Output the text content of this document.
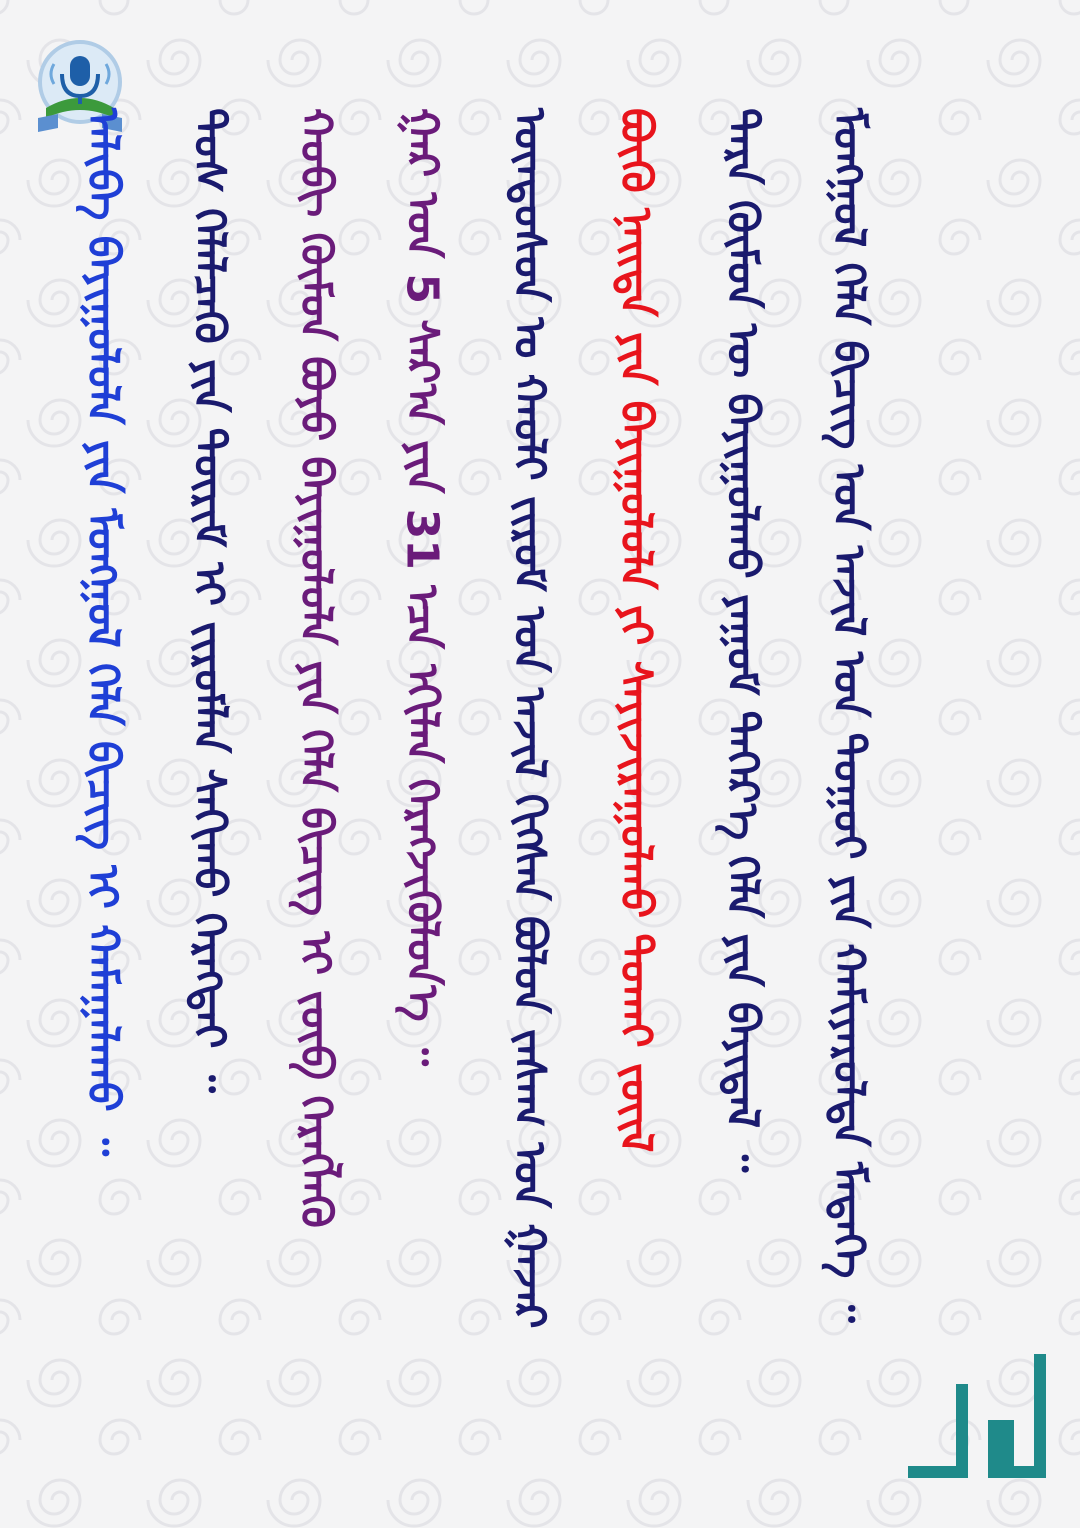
ᠮᠣᠩᠭᠣᠯ ᠬᠡᠯᠡ ᠪᠢᠴᠢᠭ ᠤᠨ ᠠᠵᠢᠯ ᠤᠨ ᠲᠤᠭᠤᠢ ᠶᠢᠨ ᠬᠠᠮᠢᠶᠠᠷᠤᠯᠲᠠ ᠮᠡᠳᠡᠭᠡ ᠃
ᠲᠡᠷᠡ ᠬᠦᠮᠦᠨ ᠦ ᠪᠠᠶᠢᠭᠤᠯᠬᠤ ᠶᠠᠭᠤᠮ ᠳᠡᠭᠡᠷ᠎ᠡ ᠬᠡᠯᠡ ᠶᠢᠨ ᠪᠠᠶᠢᠳᠠᠯ ᠃
ᠪᠦᠬᠦ ᠨᠡᠢᠲᠡ ᠶᠢᠨ ᠪᠠᠶᠢᠭᠤᠯᠤᠯᠠ ᠶᠢ ᠰᠠᠶᠢᠵᠢᠷᠠᠭᠤᠯᠬᠤ ᠲᠤᠬᠠᠢ ᠵᠦᠢᠯ
ᠦᠨᠳᠦᠰᠦᠨ ᠤ ᠬᠠᠤᠯᠢ ᠵᠢᠷᠤᠮ ᠤᠨ ᠠᠵᠢᠯ ᠬᠢᠭᠰᠡᠨ ᠪᠣᠯᠤᠨ ᠵᠠᠰᠠᠭ ᠤᠨ ᠭᠠᠵᠠᠷ
ᠭᠠᠷ ᠤᠨ 5 ᠰᠠᠷ᠎ᠠ ᠶᠢᠨ 31 ᠡᠴᠡ ᠡᠬᠢᠯᠡᠨ ᠬᠡᠷᠡᠭᠵᠢᠭᠦᠯᠦᠨ᠎ᠡ ᠃
ᠬᠤᠪᠢ ᠬᠦᠮᠦᠨ ᠪᠤᠶᠤ ᠪᠠᠶᠢᠭᠤᠯᠤᠯᠠ ᠶᠢᠨ ᠬᠡᠯᠡ ᠪᠢᠴᠢᠭ ᠢ ᠵᠦᠪ ᠬᠡᠷᠡᠭᠯᠡᠬᠦ
ᠲᠤᠰ ᠬᠡᠯᠡᠯᠴᠡᠬᠦ ᠶᠢᠨ ᠳᠦᠷᠢᠮ ᠢ ᠵᠢᠷᠤᠮᠯᠠᠨ ᠰᠠᠬᠢᠬᠤ ᠬᠡᠷᠡᠭᠲᠡᠢ ᠃
ᠠᠯᠢᠪᠠ ᠪᠠᠶᠢᠭᠤᠯᠤᠯᠠ ᠶᠢᠨ ᠮᠣᠩᠭᠣᠯ ᠬᠡᠯᠡ ᠪᠢᠴᠢᠭ ᠢ ᠬᠠᠮᠠᠭᠠᠯᠠᠬᠤ ᠃
